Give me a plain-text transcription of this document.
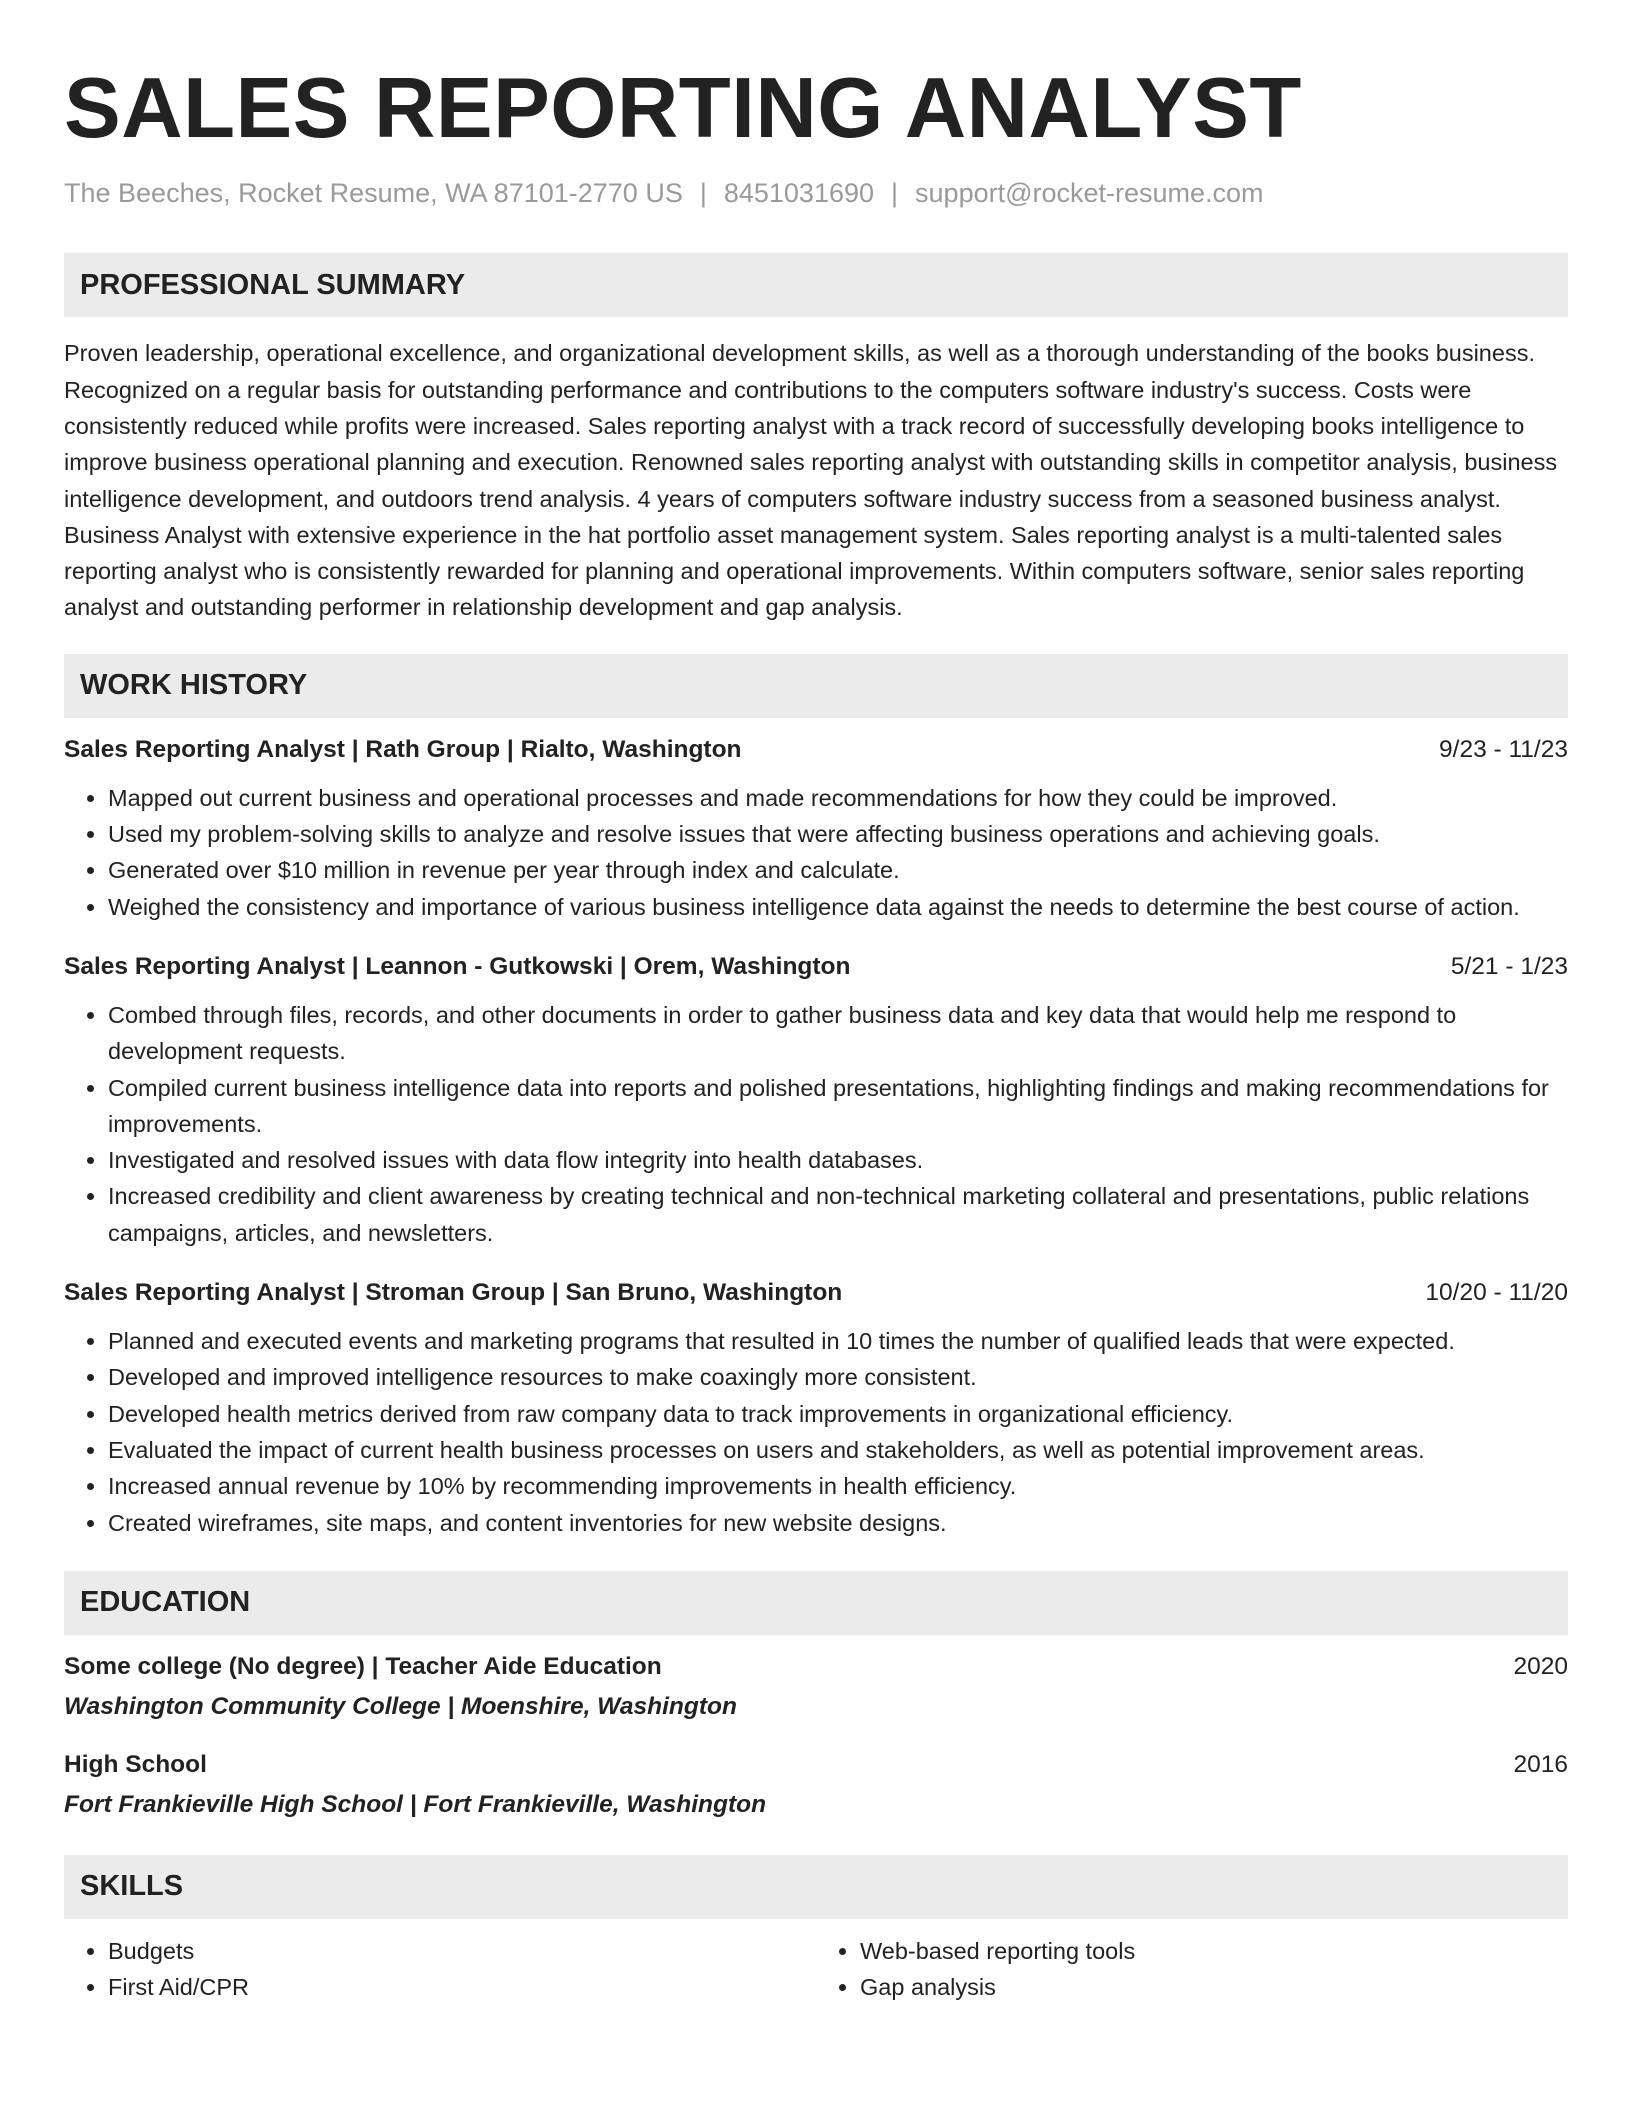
SALES REPORTING ANALYST
The Beeches, Rocket Resume, WA 87101-2770 US | 8451031690 | support@rocket-resume.com
PROFESSIONAL SUMMARY
Proven leadership, operational excellence, and organizational development skills, as well as a thorough understanding of the books business. Recognized on a regular basis for outstanding performance and contributions to the computers software industry's success. Costs were consistently reduced while profits were increased. Sales reporting analyst with a track record of successfully developing books intelligence to improve business operational planning and execution. Renowned sales reporting analyst with outstanding skills in competitor analysis, business intelligence development, and outdoors trend analysis. 4 years of computers software industry success from a seasoned business analyst. Business Analyst with extensive experience in the hat portfolio asset management system. Sales reporting analyst is a multi-talented sales reporting analyst who is consistently rewarded for planning and operational improvements. Within computers software, senior sales reporting analyst and outstanding performer in relationship development and gap analysis.
WORK HISTORY
Sales Reporting Analyst | Rath Group | Rialto, Washington	9/23 - 11/23
• Mapped out current business and operational processes and made recommendations for how they could be improved.
• Used my problem-solving skills to analyze and resolve issues that were affecting business operations and achieving goals.
• Generated over $10 million in revenue per year through index and calculate.
• Weighed the consistency and importance of various business intelligence data against the needs to determine the best course of action.
Sales Reporting Analyst | Leannon - Gutkowski | Orem, Washington	5/21 - 1/23
• Combed through files, records, and other documents in order to gather business data and key data that would help me respond to development requests.
• Compiled current business intelligence data into reports and polished presentations, highlighting findings and making recommendations for improvements.
• Investigated and resolved issues with data flow integrity into health databases.
• Increased credibility and client awareness by creating technical and non-technical marketing collateral and presentations, public relations campaigns, articles, and newsletters.
Sales Reporting Analyst | Stroman Group | San Bruno, Washington	10/20 - 11/20
• Planned and executed events and marketing programs that resulted in 10 times the number of qualified leads that were expected.
• Developed and improved intelligence resources to make coaxingly more consistent.
• Developed health metrics derived from raw company data to track improvements in organizational efficiency.
• Evaluated the impact of current health business processes on users and stakeholders, as well as potential improvement areas.
• Increased annual revenue by 10% by recommending improvements in health efficiency.
• Created wireframes, site maps, and content inventories for new website designs.
EDUCATION
Some college (No degree) | Teacher Aide Education	2020
Washington Community College | Moenshire, Washington
High School	2016
Fort Frankieville High School | Fort Frankieville, Washington
SKILLS
• Budgets
• First Aid/CPR
• Web-based reporting tools
• Gap analysis
